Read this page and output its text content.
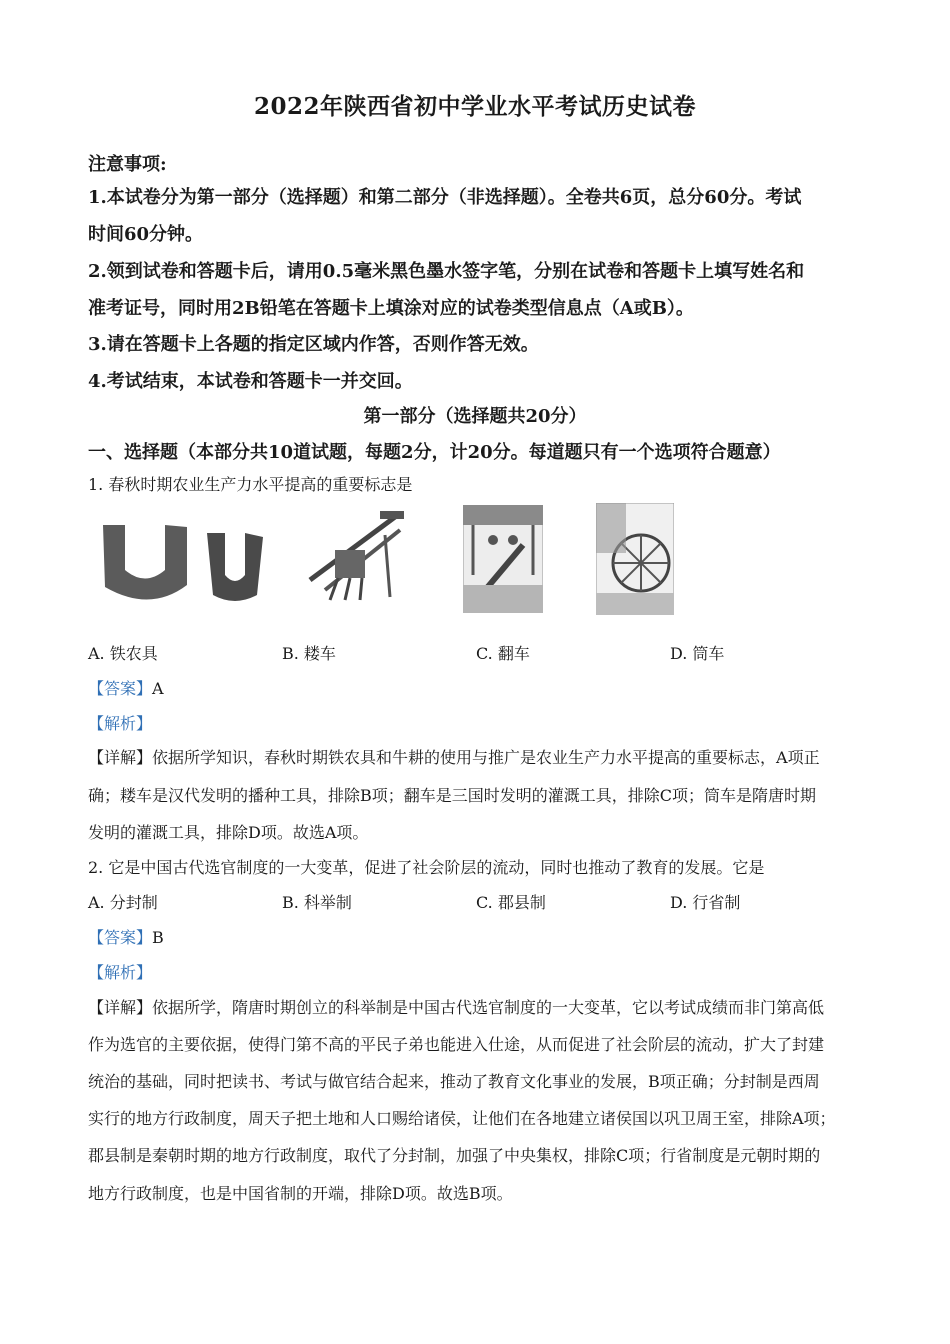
2022年陕西省初中学业水平考试历史试卷
注意事项:
1.本试卷分为第一部分（选择题）和第二部分（非选择题）。全卷共6页，总分60分。考试
时间60分钟。
2.领到试卷和答题卡后，请用0.5毫米黑色墨水签字笔，分别在试卷和答题卡上填写姓名和
准考证号，同时用2B铅笔在答题卡上填涂对应的试卷类型信息点（A或B）。
3.请在答题卡上各题的指定区域内作答，否则作答无效。
4.考试结束，本试卷和答题卡一并交回。
第一部分（选择题共20分）
一、选择题（本部分共10道试题，每题2分，计20分。每道题只有一个选项符合题意）
1. 春秋时期农业生产力水平提高的重要标志是
A. 铁农具	B. 耧车	C. 翻车	D. 筒车
【答案】A
【解析】
【详解】依据所学知识，春秋时期铁农具和牛耕的使用与推广是农业生产力水平提高的重要标志，A项正
确；耧车是汉代发明的播种工具，排除B项；翻车是三国时发明的灌溉工具，排除C项；筒车是隋唐时期
发明的灌溉工具，排除D项。故选A项。
2. 它是中国古代选官制度的一大变革，促进了社会阶层的流动，同时也推动了教育的发展。它是
A. 分封制	B. 科举制	C. 郡县制	D. 行省制
【答案】B
【解析】
【详解】依据所学，隋唐时期创立的科举制是中国古代选官制度的一大变革，它以考试成绩而非门第高低
作为选官的主要依据，使得门第不高的平民子弟也能进入仕途，从而促进了社会阶层的流动，扩大了封建
统治的基础，同时把读书、考试与做官结合起来，推动了教育文化事业的发展，B项正确；分封制是西周
实行的地方行政制度，周天子把土地和人口赐给诸侯，让他们在各地建立诸侯国以巩卫周王室，排除A项；
郡县制是秦朝时期的地方行政制度，取代了分封制，加强了中央集权，排除C项；行省制度是元朝时期的
地方行政制度，也是中国省制的开端，排除D项。故选B项。
